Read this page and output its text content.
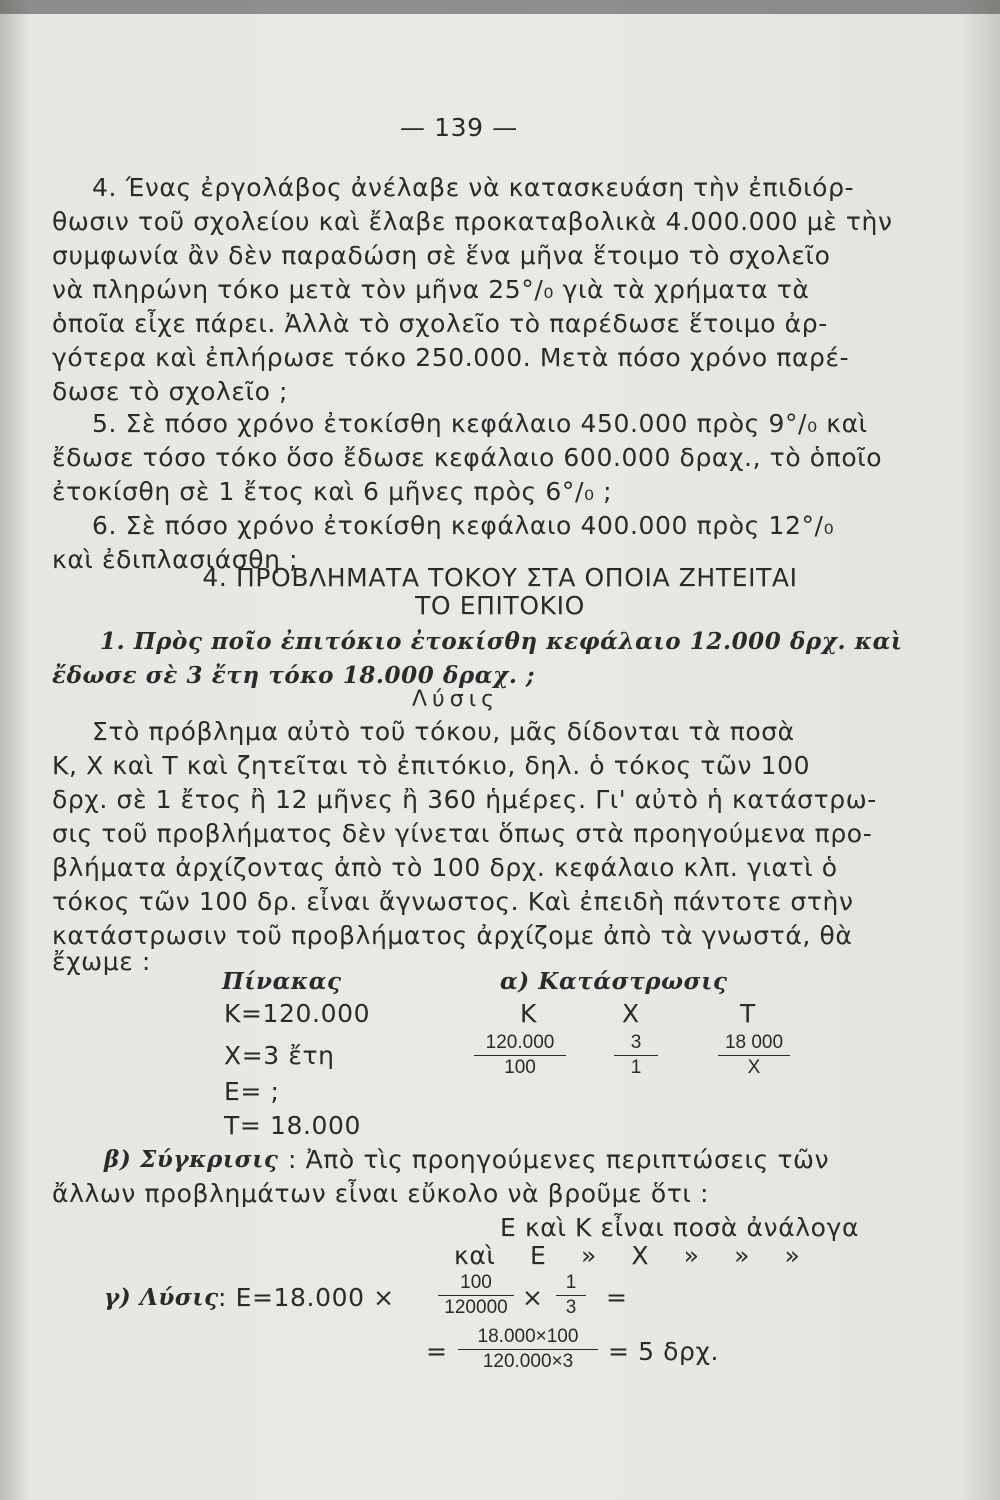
— 139 —
4. Ένας ἐργολάβος ἀνέλαβε νὰ κατασκευάση τὴν ἐπιδιόρ-
θωσιν τοῦ σχολείου καὶ ἔλαβε προκαταβολικὰ 4.000.000 μὲ τὴν
συμφωνία ἂν δὲν παραδώση σὲ ἕνα μῆνα ἕτοιμο τὸ σχολεῖο
νὰ πληρώνη τόκο μετὰ τὸν μῆνα 25°/₀ γιὰ τὰ χρήματα τὰ
ὁποῖα εἶχε πάρει. Ἀλλὰ τὸ σχολεῖο τὸ παρέδωσε ἕτοιμο ἀρ-
γότερα καὶ ἐπλήρωσε τόκο 250.000. Μετὰ πόσο χρόνο παρέ-
δωσε τὸ σχολεῖο ;
5. Σὲ πόσο χρόνο ἐτοκίσθη κεφάλαιο 450.000 πρὸς 9°/₀ καὶ
ἔδωσε τόσο τόκο ὅσο ἔδωσε κεφάλαιο 600.000 δραχ., τὸ ὁποῖο
ἐτοκίσθη σὲ 1 ἔτος καὶ 6 μῆνες πρὸς 6°/₀ ;
6. Σὲ πόσο χρόνο ἐτοκίσθη κεφάλαιο 400.000 πρὸς 12°/₀
καὶ ἐδιπλασιάσθη ;
4. ΠΡΟΒΛΗΜΑΤΑ ΤΟΚΟΥ ΣΤΑ ΟΠΟΙΑ ΖΗΤΕΙΤΑΙ
ΤΟ ΕΠΙΤΟΚΙΟ
1. Πρὸς ποῖο ἐπιτόκιο ἐτοκίσθη κεφάλαιο 12.000 δρχ. καὶ
ἔδωσε σὲ 3 ἔτη τόκο 18.000 δραχ. ;
Λύσις
Στὸ πρόβλημα αὐτὸ τοῦ τόκου, μᾶς δίδονται τὰ ποσὰ
Κ, Χ καὶ Τ καὶ ζητεῖται τὸ ἐπιτόκιο, δηλ. ὁ τόκος τῶν 100
δρχ. σὲ 1 ἔτος ἢ 12 μῆνες ἢ 360 ἡμέρες. Γι' αὐτὸ ἡ κατάστρω-
σις τοῦ προβλήματος δὲν γίνεται ὅπως στὰ προηγούμενα προ-
βλήματα ἀρχίζοντας ἀπὸ τὸ 100 δρχ. κεφάλαιο κλπ. γιατὶ ὁ
τόκος τῶν 100 δρ. εἶναι ἄγνωστος. Καὶ ἐπειδὴ πάντοτε στὴν
κατάστρωσιν τοῦ προβλήματος ἀρχίζομε ἀπὸ τὰ γνωστά, θὰ
ἔχωμε :
Πίνακας
Κ=120.000
Χ=3 ἔτη
Ε= ;
Τ= 18.000
α) Κατάστρωσις
Κ	Χ	Τ
$\frac{120.000}{100}$	$\frac{3}{1}$	$\frac{18 000}{X}$
β) Σύγκρισις : Ἀπὸ τὶς προηγούμενες περιπτώσεις τῶν
ἄλλων προβλημάτων εἶναι εὔκολο νὰ βροῦμε ὅτι :
Ε καὶ Κ εἶναι ποσὰ ἀνάλογα
καὶ Ε » Χ » » »
γ) Λύσις : $E=18.000 \times \frac{100}{120000} \times \frac{1}{3}$ =
= $\frac{18.000\times 100}{120.000\times 3} = 5$ δρχ.
